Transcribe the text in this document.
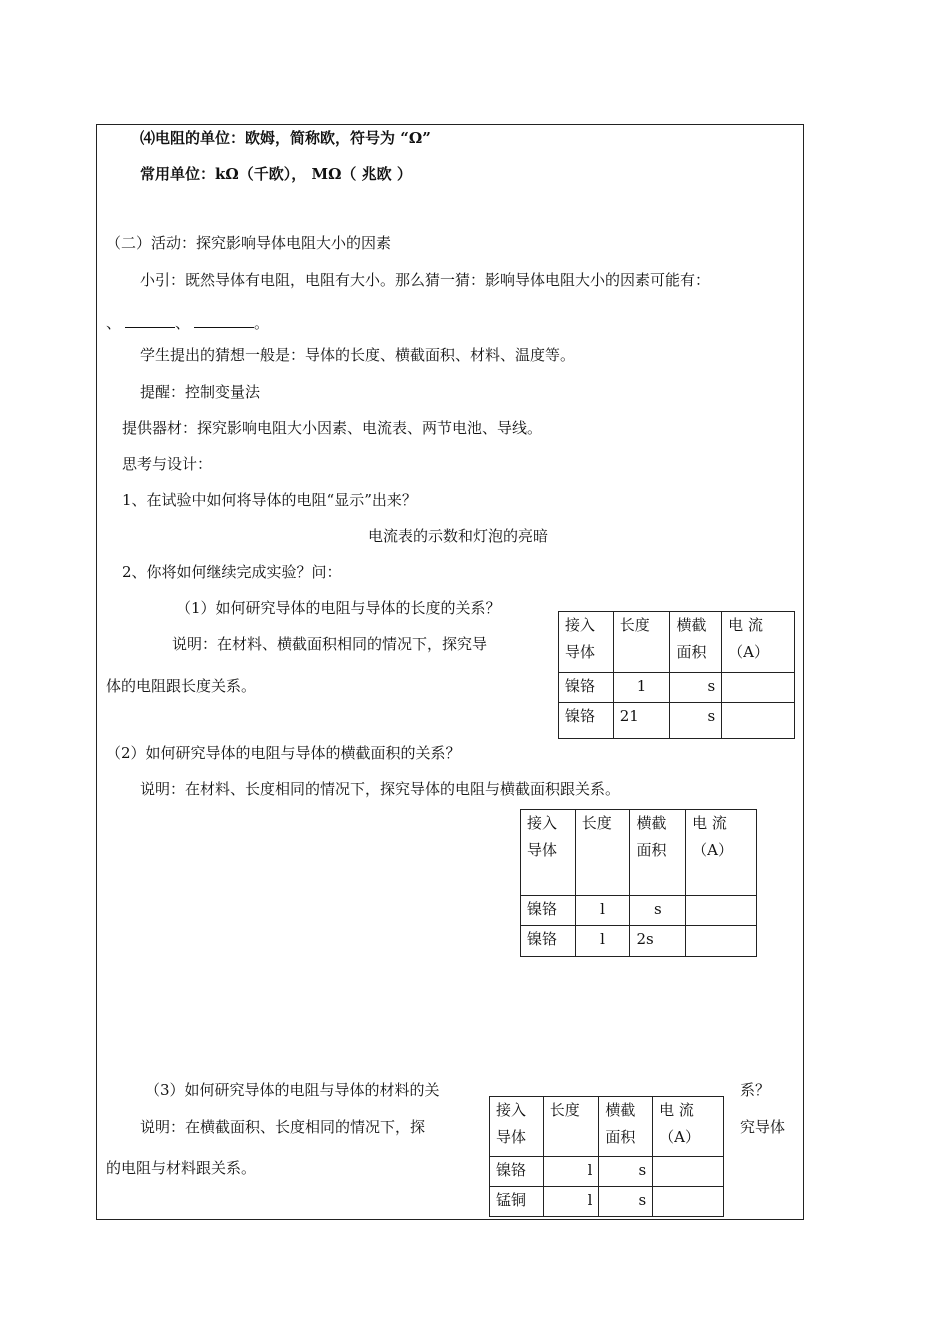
⑷电阻的单位：欧姆，简称欧，符号为 “Ω”
常用单位：kΩ（千欧）， MΩ（ 兆欧 ）
（二）活动：探究影响导体电阻大小的因素
小引：既然导体有电阻，电阻有大小。那么猜一猜：影响导体电阻大小的因素可能有：
、	、	。
学生提出的猜想一般是：导体的长度、横截面积、材料、温度等。
提醒：控制变量法
提供器材：探究影响电阻大小因素、电流表、两节电池、导线。
思考与设计：
1、在试验中如何将导体的电阻“显示”出来？
电流表的示数和灯泡的亮暗
2、你将如何继续完成实验？问：
（1）如何研究导体的电阻与导体的长度的关系？
说明：在材料、横截面积相同的情况下，探究导
体的电阻跟长度关系。
接入导体	长度	横截面积	电 流（A）
镍铬	1	s	
镍铬	21	s	
（2）如何研究导体的电阻与导体的横截面积的关系？
说明：在材料、长度相同的情况下，探究导体的电阻与横截面积跟关系。
接入导体	长度	横截面积	电 流（A）
镍铬	l	s	
镍铬	l	2s	
（3）如何研究导体的电阻与导体的材料的关	系？
说明：在横截面积、长度相同的情况下，探	究导体
的电阻与材料跟关系。
接入导体	长度	横截面积	电 流（A）
镍铬	l	s	
锰铜	l	s	
